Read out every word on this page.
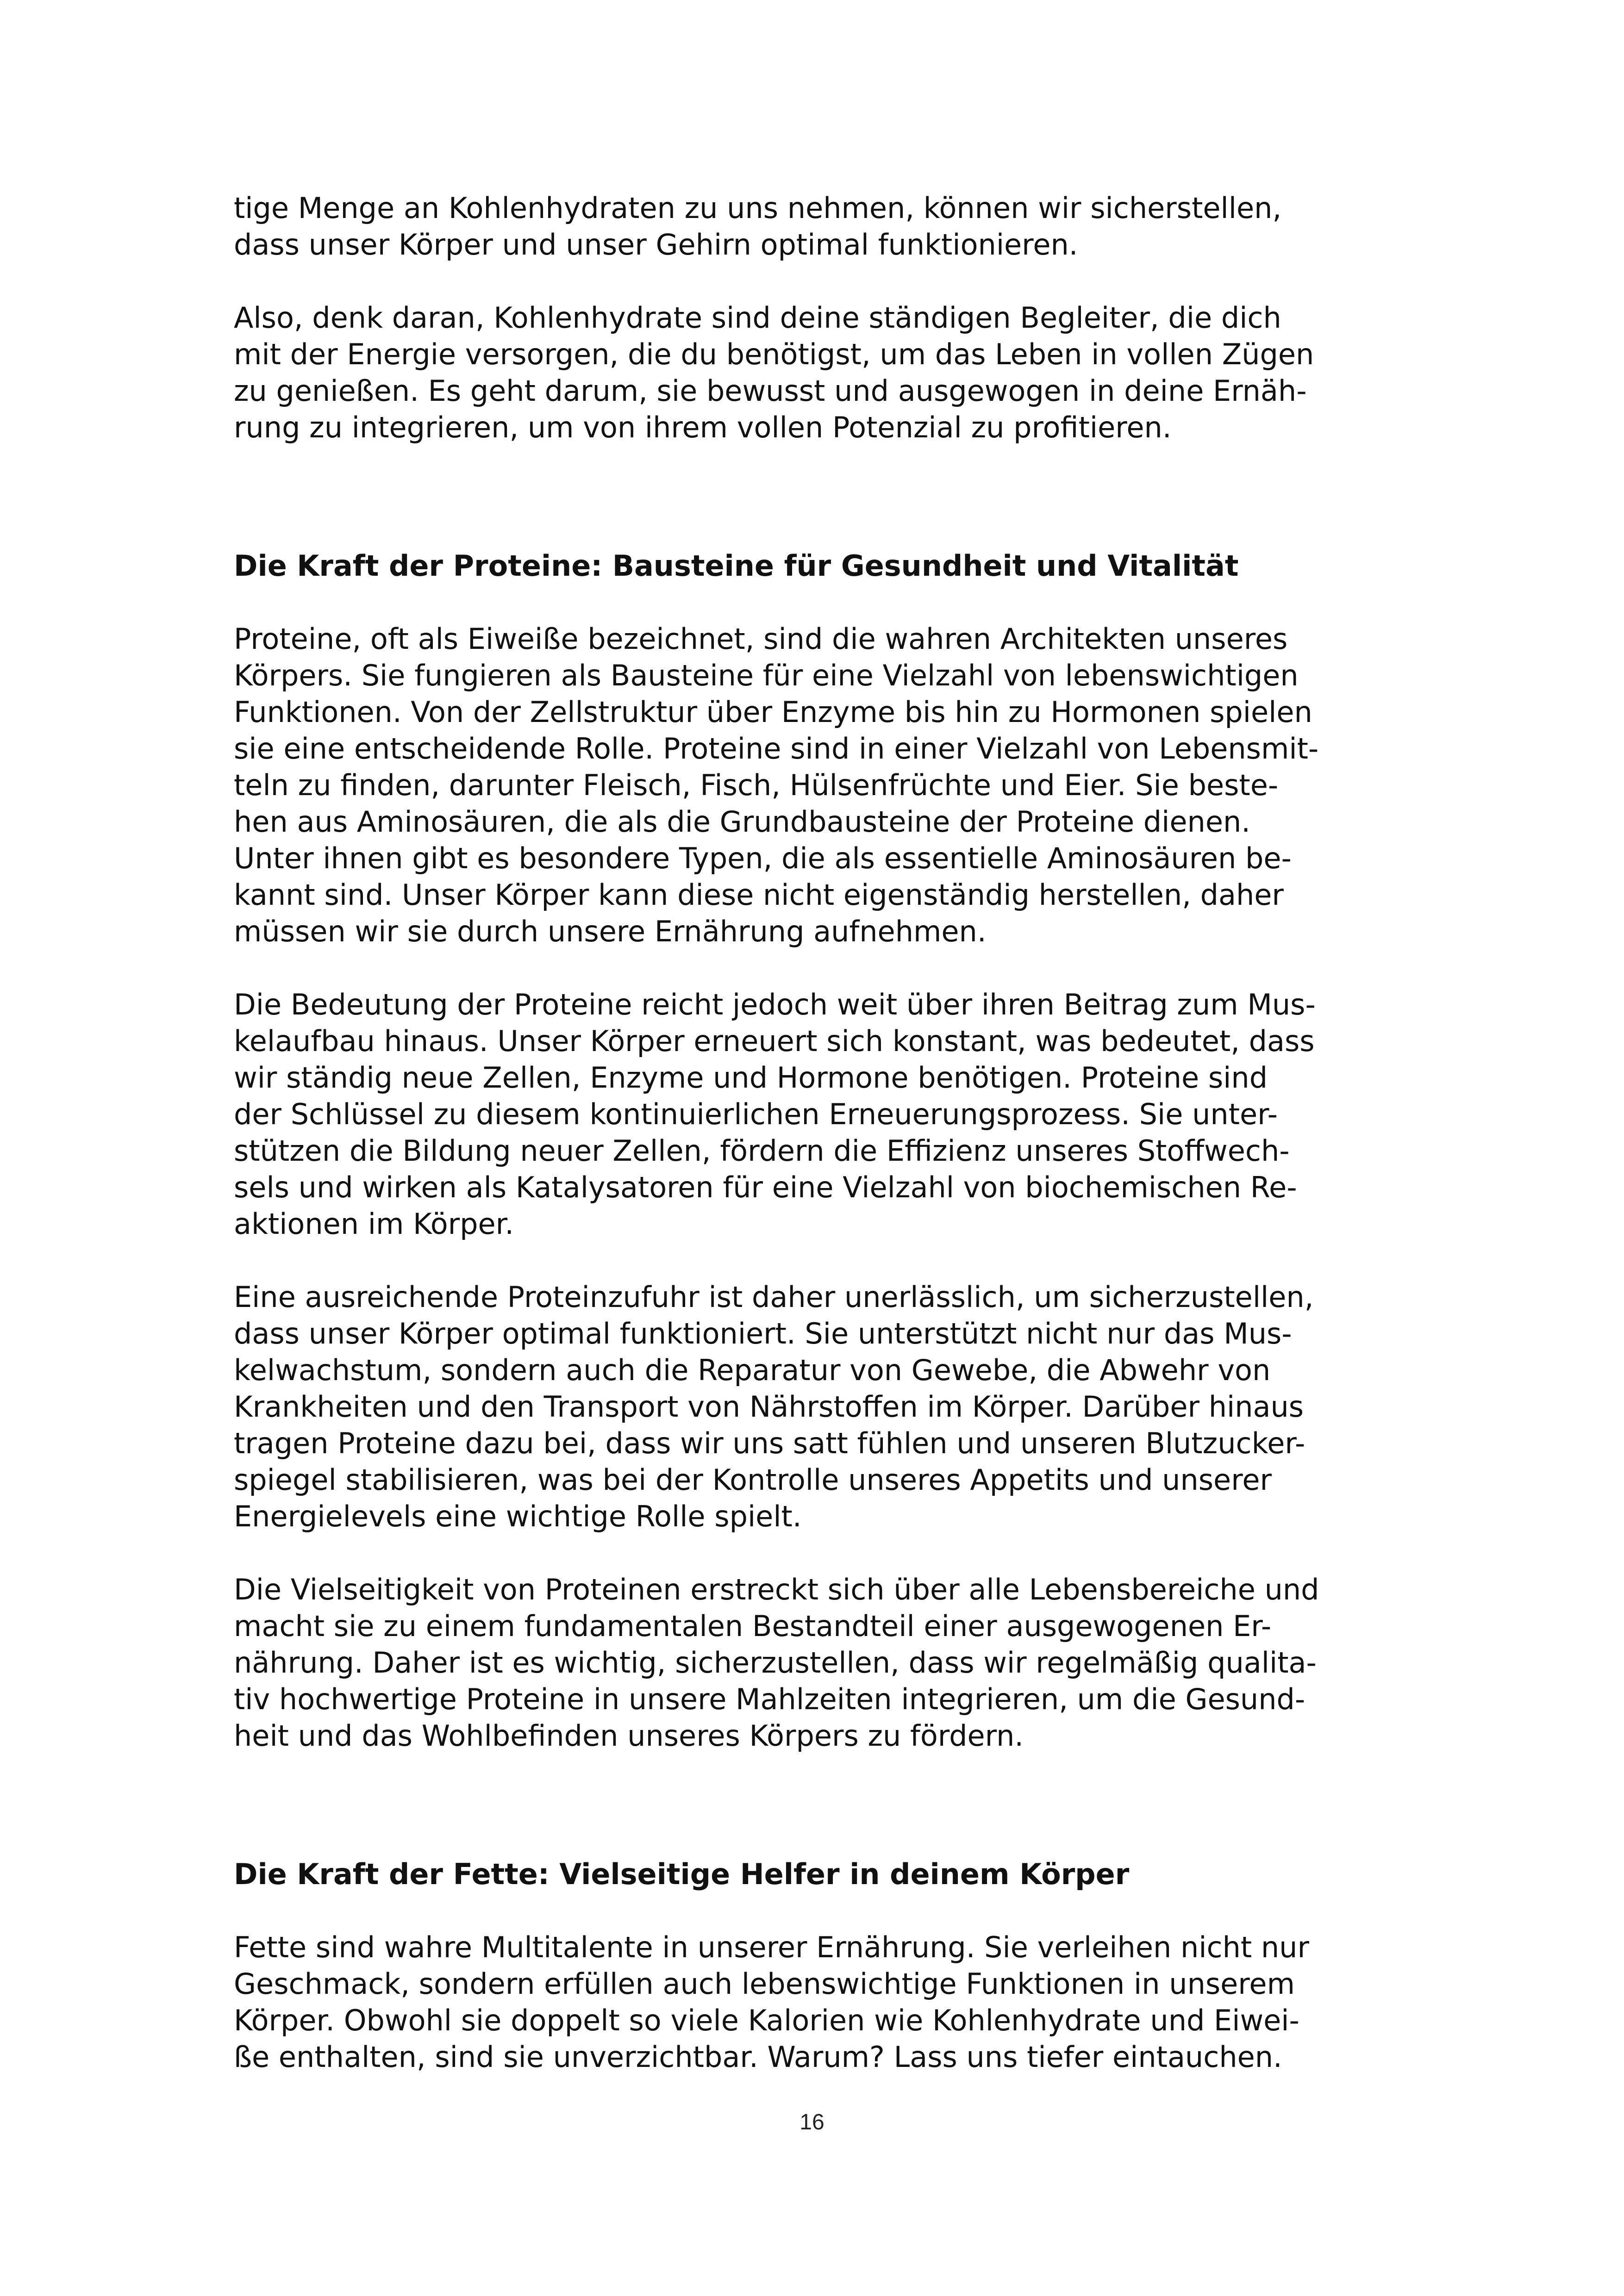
tige Menge an Kohlenhydraten zu uns nehmen, können wir sicherstellen,
dass unser Körper und unser Gehirn optimal funktionieren.

Also, denk daran, Kohlenhydrate sind deine ständigen Begleiter, die dich
mit der Energie versorgen, die du benötigst, um das Leben in vollen Zügen
zu genießen. Es geht darum, sie bewusst und ausgewogen in deine Ernäh-
rung zu integrieren, um von ihrem vollen Potenzial zu profitieren.

Die Kraft der Proteine: Bausteine für Gesundheit und Vitalität

Proteine, oft als Eiweiße bezeichnet, sind die wahren Architekten unseres
Körpers. Sie fungieren als Bausteine für eine Vielzahl von lebenswichtigen
Funktionen. Von der Zellstruktur über Enzyme bis hin zu Hormonen spielen
sie eine entscheidende Rolle. Proteine sind in einer Vielzahl von Lebensmit-
teln zu finden, darunter Fleisch, Fisch, Hülsenfrüchte und Eier. Sie beste-
hen aus Aminosäuren, die als die Grundbausteine der Proteine dienen.
Unter ihnen gibt es besondere Typen, die als essentielle Aminosäuren be-
kannt sind. Unser Körper kann diese nicht eigenständig herstellen, daher
müssen wir sie durch unsere Ernährung aufnehmen.

Die Bedeutung der Proteine reicht jedoch weit über ihren Beitrag zum Mus-
kelaufbau hinaus. Unser Körper erneuert sich konstant, was bedeutet, dass
wir ständig neue Zellen, Enzyme und Hormone benötigen. Proteine sind
der Schlüssel zu diesem kontinuierlichen Erneuerungsprozess. Sie unter-
stützen die Bildung neuer Zellen, fördern die Effizienz unseres Stoffwech-
sels und wirken als Katalysatoren für eine Vielzahl von biochemischen Re-
aktionen im Körper.

Eine ausreichende Proteinzufuhr ist daher unerlässlich, um sicherzustellen,
dass unser Körper optimal funktioniert. Sie unterstützt nicht nur das Mus-
kelwachstum, sondern auch die Reparatur von Gewebe, die Abwehr von
Krankheiten und den Transport von Nährstoffen im Körper. Darüber hinaus
tragen Proteine dazu bei, dass wir uns satt fühlen und unseren Blutzucker-
spiegel stabilisieren, was bei der Kontrolle unseres Appetits und unserer
Energielevels eine wichtige Rolle spielt.

Die Vielseitigkeit von Proteinen erstreckt sich über alle Lebensbereiche und
macht sie zu einem fundamentalen Bestandteil einer ausgewogenen Er-
nährung. Daher ist es wichtig, sicherzustellen, dass wir regelmäßig qualita-
tiv hochwertige Proteine in unsere Mahlzeiten integrieren, um die Gesund-
heit und das Wohlbefinden unseres Körpers zu fördern.

Die Kraft der Fette: Vielseitige Helfer in deinem Körper

Fette sind wahre Multitalente in unserer Ernährung. Sie verleihen nicht nur
Geschmack, sondern erfüllen auch lebenswichtige Funktionen in unserem
Körper. Obwohl sie doppelt so viele Kalorien wie Kohlenhydrate und Eiwei-
ße enthalten, sind sie unverzichtbar. Warum? Lass uns tiefer eintauchen.

16
